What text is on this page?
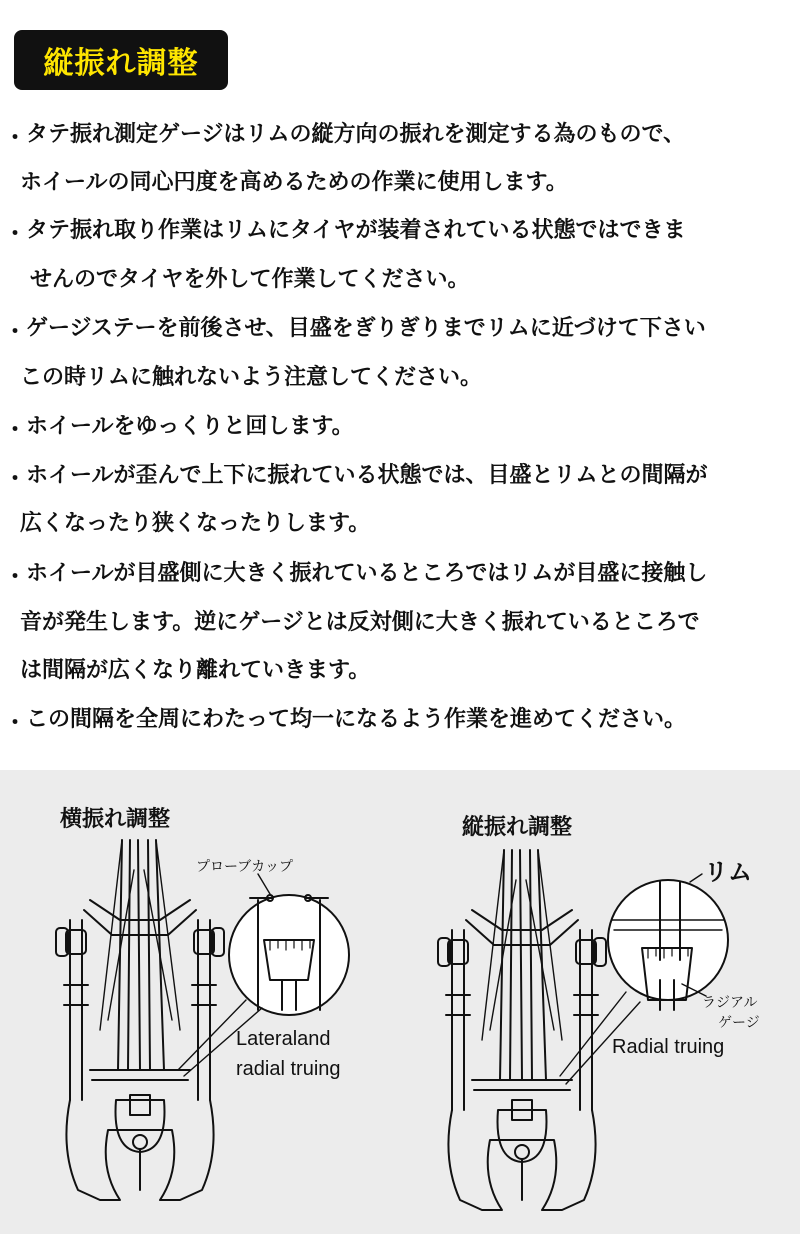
縦振れ調整
・ タテ振れ測定ゲージはリムの縦方向の振れを測定する為のもので、
ホイールの同心円度を高めるための作業に使用します。
・ タテ振れ取り作業はリムにタイヤが装着されている状態ではできま
せんのでタイヤを外して作業してください。
・ ゲージステーを前後させ、目盛をぎりぎりまでリムに近づけて下さい
この時リムに触れないよう注意してください。
・ ホイールをゆっくりと回します。
・ ホイールが歪んで上下に振れている状態では、目盛とリムとの間隔が
広くなったり狭くなったりします。
・ ホイールが目盛側に大きく振れているところではリムが目盛に接触し
音が発生します。逆にゲージとは反対側に大きく振れているところで
は間隔が広くなり離れていきます。
・ この間隔を全周にわたって均一になるよう作業を進めてください。
横振れ調整
プローブカップ
Lateraland
radial truing
縦振れ調整
リム
ラジアル
ゲージ
Radial truing
